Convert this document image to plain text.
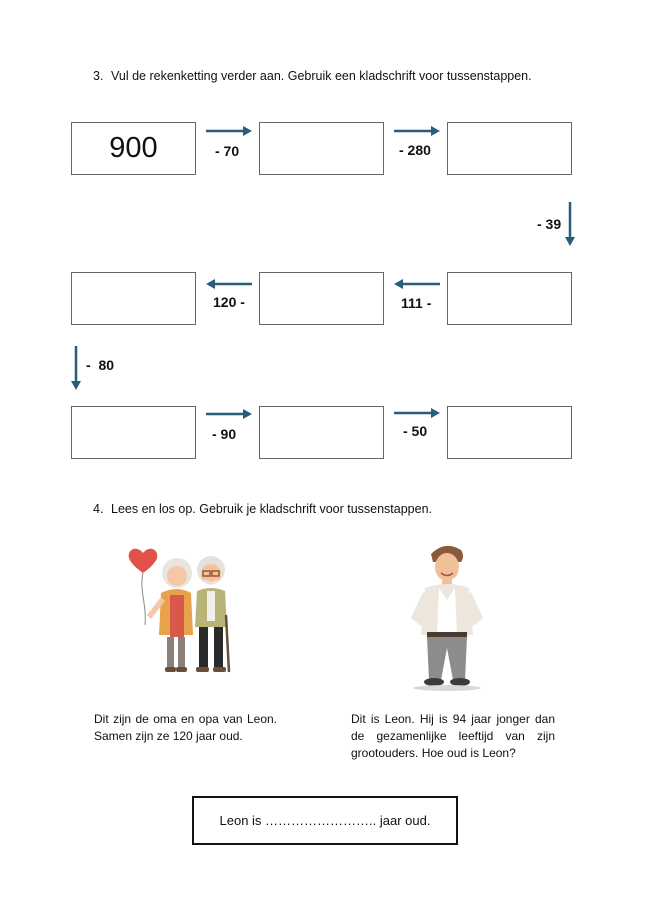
3. Vul de rekenketting verder aan. Gebruik een kladschrift voor tussenstappen.
900	- 70	- 280
- 39
111 -
120 -
-  80
- 90	- 50
4. Lees en los op. Gebruik je kladschrift voor tussenstappen.
Dit zijn de oma en opa van Leon. Samen zijn ze 120 jaar oud.
Dit is Leon. Hij is 94 jaar jonger dan de gezamenlijke leeftijd van zijn grootouders. Hoe oud is Leon?
Leon is …………………….. jaar oud.
